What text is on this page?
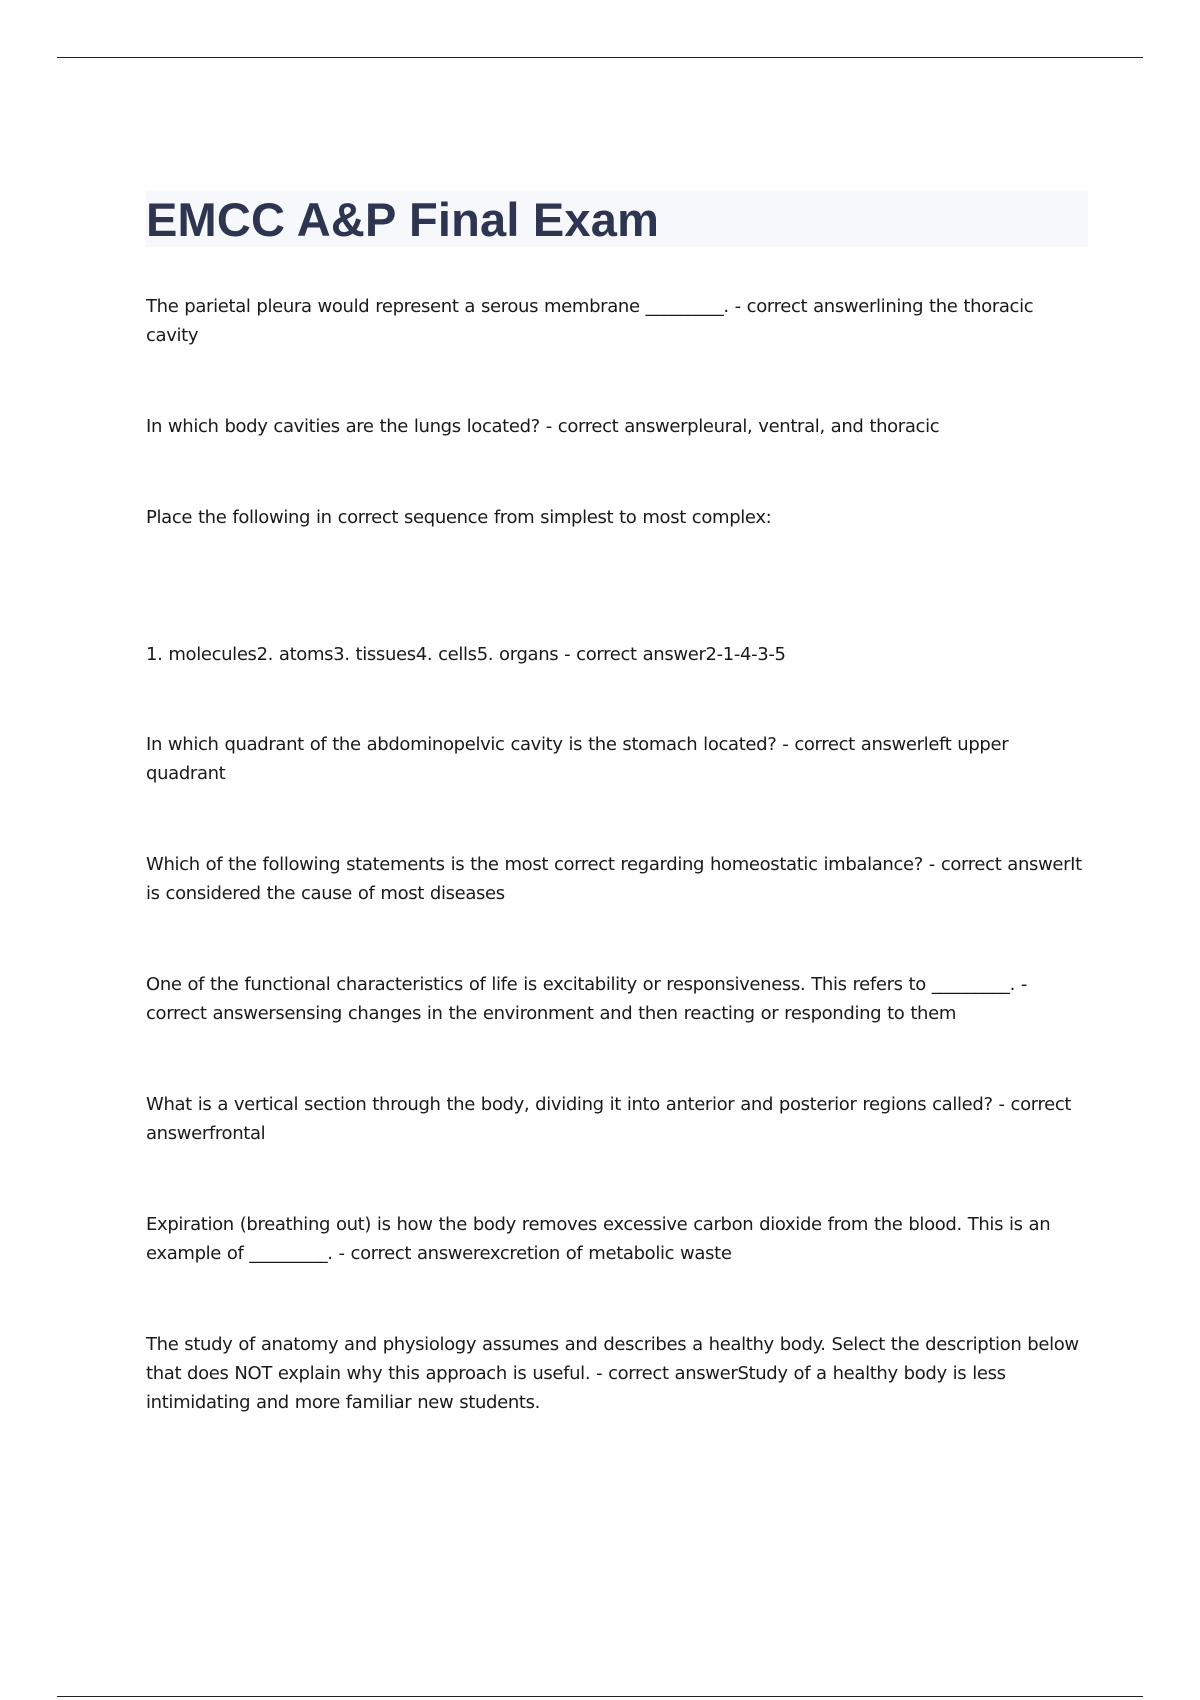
EMCC A&P Final Exam

The parietal pleura would represent a serous membrane _________. - correct answerlining the thoracic cavity

In which body cavities are the lungs located? - correct answerpleural, ventral, and thoracic

Place the following in correct sequence from simplest to most complex:

1. molecules2. atoms3. tissues4. cells5. organs - correct answer2-1-4-3-5

In which quadrant of the abdominopelvic cavity is the stomach located? - correct answerleft upper quadrant

Which of the following statements is the most correct regarding homeostatic imbalance? - correct answerIt is considered the cause of most diseases

One of the functional characteristics of life is excitability or responsiveness. This refers to _________. - correct answersensing changes in the environment and then reacting or responding to them

What is a vertical section through the body, dividing it into anterior and posterior regions called? - correct answerfrontal

Expiration (breathing out) is how the body removes excessive carbon dioxide from the blood. This is an example of _________. - correct answerexcretion of metabolic waste

The study of anatomy and physiology assumes and describes a healthy body. Select the description below that does NOT explain why this approach is useful. - correct answerStudy of a healthy body is less intimidating and more familiar new students.
